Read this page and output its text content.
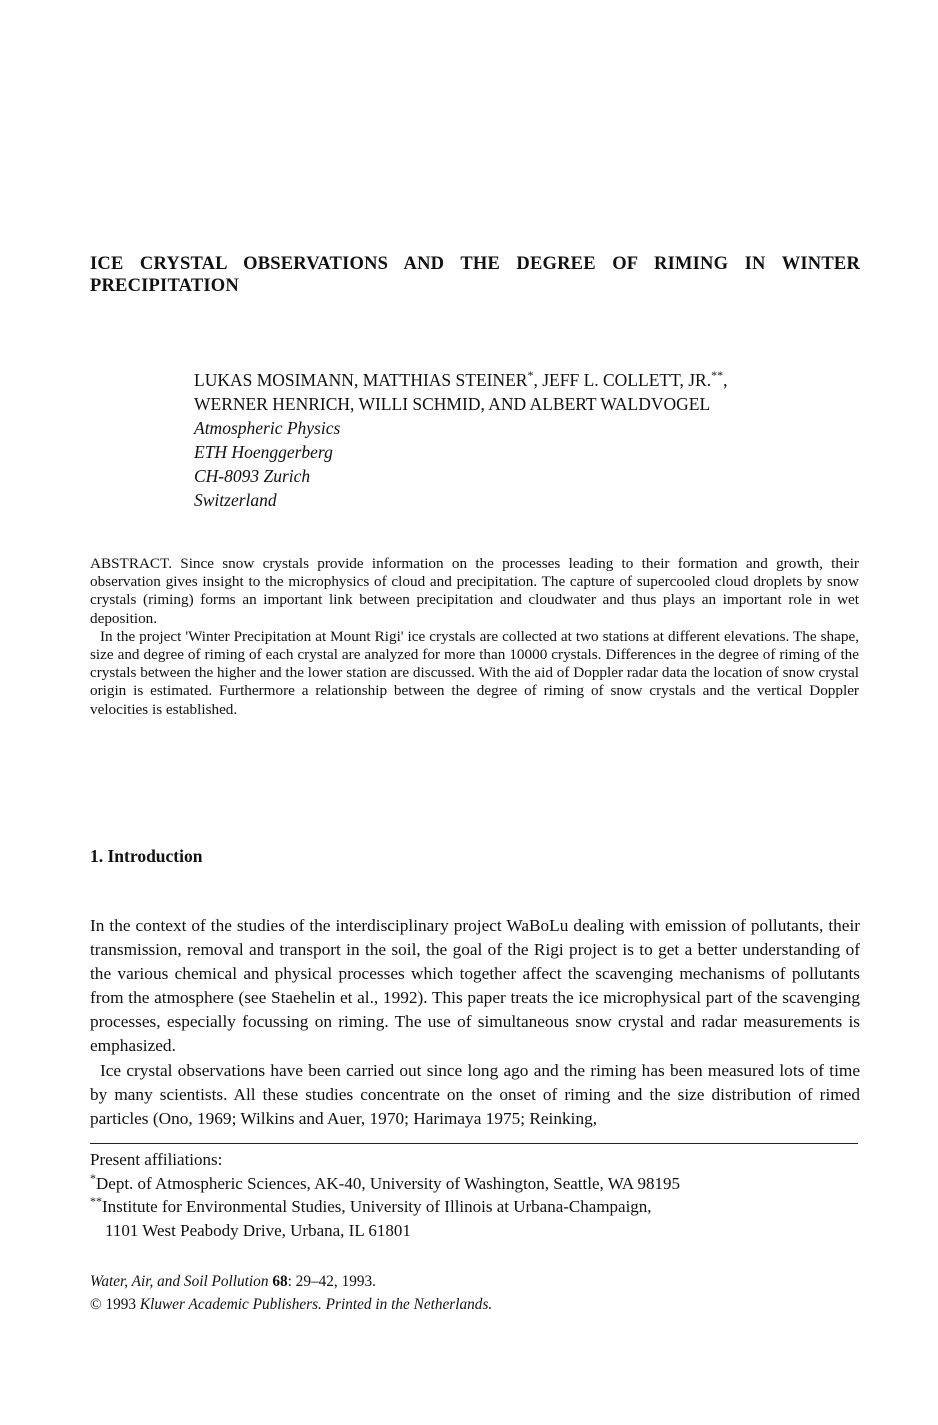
ICE CRYSTAL OBSERVATIONS AND THE DEGREE OF RIMING IN WINTER
PRECIPITATION
LUKAS MOSIMANN, MATTHIAS STEINER*, JEFF L. COLLETT, JR.**,
WERNER HENRICH, WILLI SCHMID, AND ALBERT WALDVOGEL
Atmospheric Physics
ETH Hoenggerberg
CH-8093 Zurich
Switzerland

ABSTRACT. Since snow crystals provide information on the processes leading to their formation and growth, their observation gives insight to the microphysics of cloud and precipitation. The capture of supercooled cloud droplets by snow crystals (riming) forms an important link between precipitation and cloudwater and thus plays an important role in wet deposition.

In the project 'Winter Precipitation at Mount Rigi' ice crystals are collected at two stations at different elevations. The shape, size and degree of riming of each crystal are analyzed for more than 10000 crystals. Differences in the degree of riming of the crystals between the higher and the lower station are discussed. With the aid of Doppler radar data the location of snow crystal origin is estimated. Furthermore a relationship between the degree of riming of snow crystals and the vertical Doppler velocities is established.

1. Introduction

In the context of the studies of the interdisciplinary project WaBoLu dealing with emission of pollutants, their transmission, removal and transport in the soil, the goal of the Rigi project is to get a better understanding of the various chemical and physical processes which together affect the scavenging mechanisms of pollutants from the atmosphere (see Staehelin et al., 1992). This paper treats the ice microphysical part of the scavenging processes, especially focussing on riming. The use of simultaneous snow crystal and radar measurements is emphasized.

Ice crystal observations have been carried out since long ago and the riming has been measured lots of time by many scientists. All these studies concentrate on the onset of riming and the size distribution of rimed particles (Ono, 1969; Wilkins and Auer, 1970; Harimaya 1975; Reinking,

Present affiliations:
*Dept. of Atmospheric Sciences, AK-40, University of Washington, Seattle, WA 98195
**Institute for Environmental Studies, University of Illinois at Urbana-Champaign,
1101 West Peabody Drive, Urbana, IL 61801
Water, Air, and Soil Pollution 68: 29–42, 1993.
© 1993 Kluwer Academic Publishers. Printed in the Netherlands.
